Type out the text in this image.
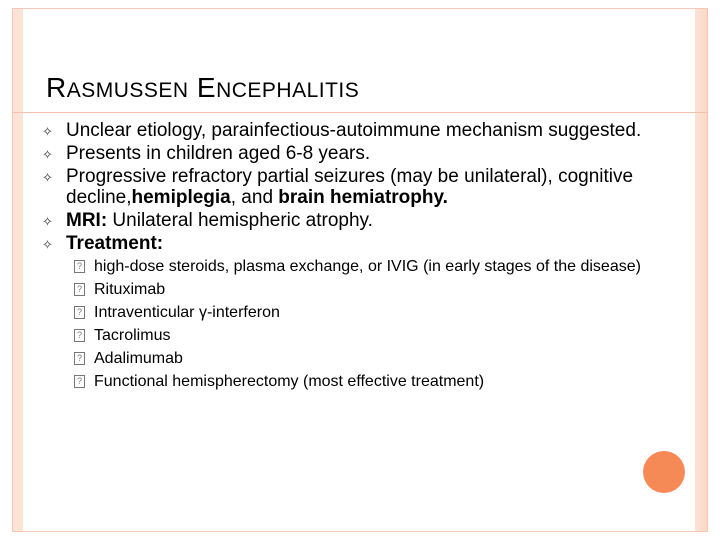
RASMUSSEN ENCEPHALITIS
✧ Unclear etiology, parainfectious-autoimmune mechanism suggested.
✧ Presents in children aged 6-8 years.
✧ Progressive refractory partial seizures (may be unilateral), cognitive decline,hemiplegia, and brain hemiatrophy.
✧ MRI: Unilateral hemispheric atrophy.
✧ Treatment:
? high-dose steroids, plasma exchange, or IVIG (in early stages of the disease)
? Rituximab
? Intraventicular γ-interferon
? Tacrolimus
? Adalimumab
? Functional hemispherectomy (most effective treatment)
